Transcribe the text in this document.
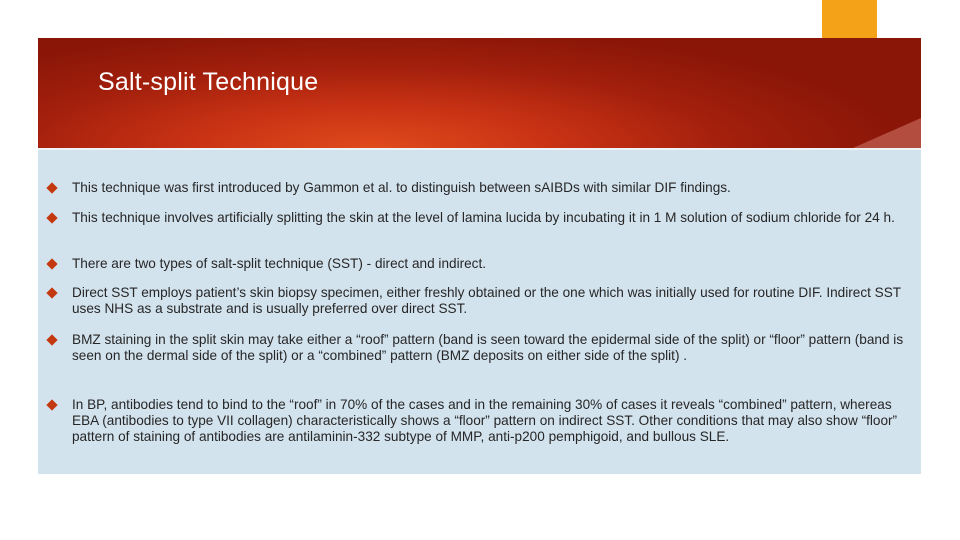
Salt-split Technique
This technique was first introduced by Gammon et al. to distinguish between sAIBDs with similar DIF findings.
This technique involves artificially splitting the skin at the level of lamina lucida by incubating it in 1 M solution of sodium chloride for 24 h.
There are two types of salt-split technique (SST) - direct and indirect.
Direct SST employs patient’s skin biopsy specimen, either freshly obtained or the one which was initially used for routine DIF. Indirect SST uses NHS as a substrate and is usually preferred over direct SST.
BMZ staining in the split skin may take either a “roof” pattern (band is seen toward the epidermal side of the split) or “floor” pattern (band is seen on the dermal side of the split) or a “combined” pattern (BMZ deposits on either side of the split) .
In BP, antibodies tend to bind to the “roof” in 70% of the cases and in the remaining 30% of cases it reveals “combined” pattern, whereas EBA (antibodies to type VII collagen) characteristically shows a “floor” pattern on indirect SST. Other conditions that may also show “floor” pattern of staining of antibodies are antilaminin-332 subtype of MMP, anti-p200 pemphigoid, and bullous SLE.
